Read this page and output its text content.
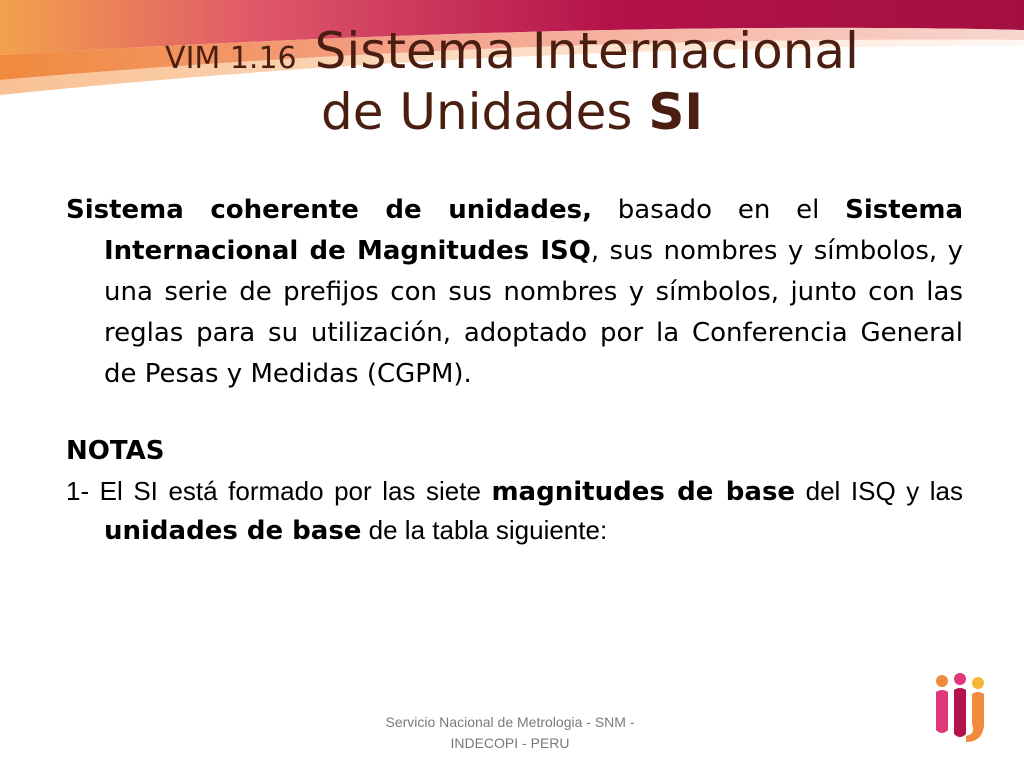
VIM 1.16 Sistema Internacional
de Unidades SI

Sistema coherente de unidades, basado en el Sistema Internacional de Magnitudes ISQ, sus nombres y símbolos, y una serie de prefijos con sus nombres y símbolos, junto con las reglas para su utilización, adoptado por la Conferencia General de Pesas y Medidas (CGPM).

NOTAS

1- El SI está formado por las siete magnitudes de base del ISQ y las unidades de base de la tabla siguiente:

Servicio Nacional de Metrologia - SNM -
INDECOPI - PERU
